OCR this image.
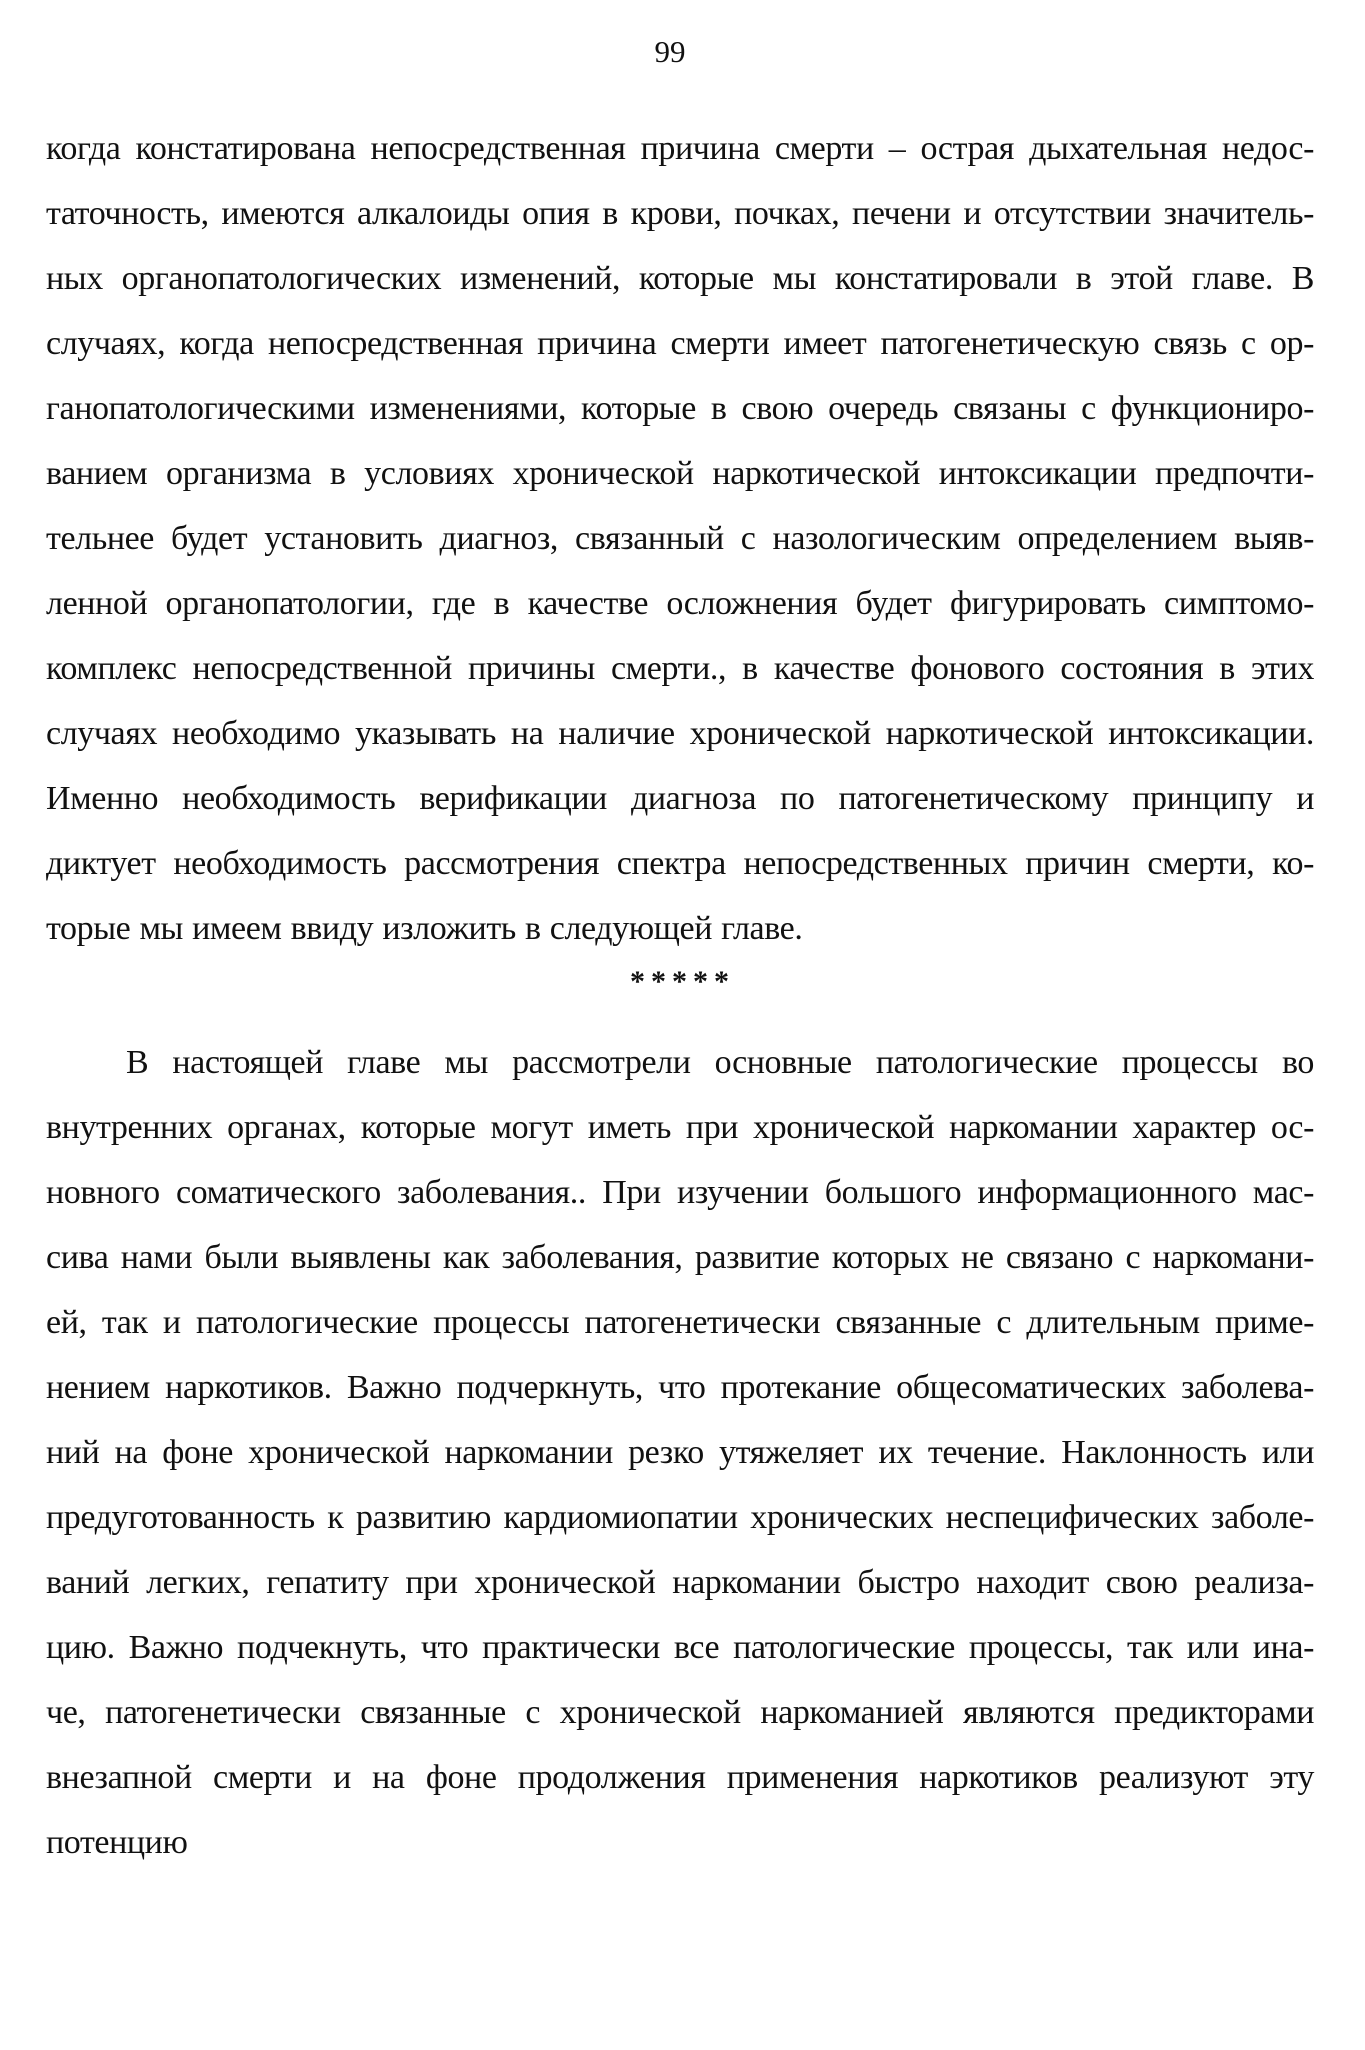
99
когда констатирована непосредственная причина смерти – острая дыхательная недос-
таточность, имеются алкалоиды опия в крови, почках, печени и отсутствии значитель-
ных органопатологических изменений, которые мы констатировали в этой главе. В
случаях, когда непосредственная причина смерти имеет патогенетическую связь с ор-
ганопатологическими изменениями, которые в свою очередь связаны с функциониро-
ванием организма в условиях хронической наркотической интоксикации предпочти-
тельнее будет установить диагноз, связанный с назологическим определением выяв-
ленной органопатологии, где в качестве осложнения будет фигурировать симптомо-
комплекс непосредственной причины смерти., в качестве фонового состояния в этих
случаях необходимо указывать на наличие хронической наркотической интоксикации.
Именно необходимость верификации диагноза по патогенетическому принципу и
диктует необходимость рассмотрения спектра непосредственных причин смерти, ко-
торые мы имеем ввиду изложить в следующей главе.
*****
В настоящей главе мы рассмотрели основные патологические процессы во
внутренних органах, которые могут иметь при хронической наркомании характер ос-
новного соматического заболевания.. При изучении большого информационного мас-
сива нами были выявлены как заболевания, развитие которых не связано с наркомани-
ей, так и патологические процессы патогенетически связанные с длительным приме-
нением наркотиков. Важно подчеркнуть, что протекание общесоматических заболева-
ний на фоне хронической наркомании резко утяжеляет их течение. Наклонность или
предуготованность к развитию кардиомиопатии хронических неспецифических заболе-
ваний легких, гепатиту при хронической наркомании быстро находит свою реализа-
цию. Важно подчекнуть, что практически все патологические процессы, так или ина-
че, патогенетически связанные с хронической наркоманией являются предикторами
внезапной смерти и на фоне продолжения применения наркотиков реализуют эту
потенцию
